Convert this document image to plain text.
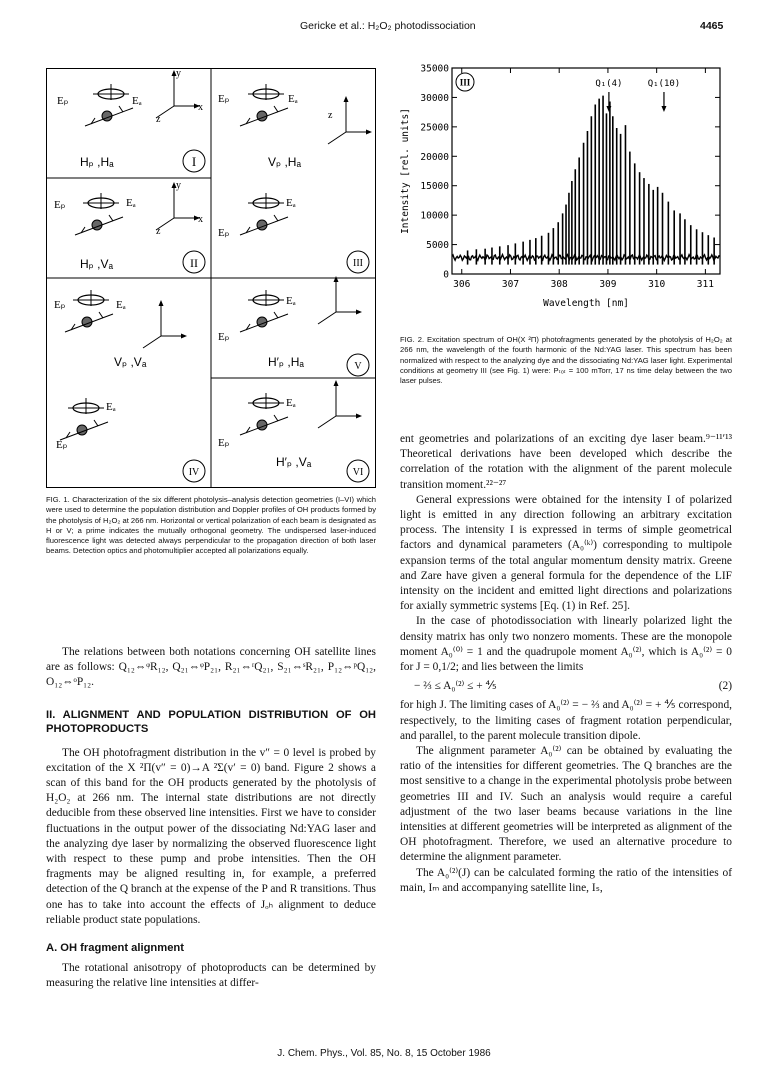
Gericke et al.: H₂O₂ photodissociation	4465
Eₚ	Eₐ
z
x
y
Hₚ ,Hₐ	I
Eₚ	Eₐ
z
x
y
Hₚ ,Vₐ	II
Eₚ	Eₐ
z
Vₚ ,Hₐ
Eₚ
Eₐ
III
Eₚ	Eₐ
Vₚ ,Vₐ
Eₚ
Eₐ
IV
Eₚ
Eₐ
H′ₚ ,Hₐ	V
Eₚ
Eₐ
H′ₚ ,Vₐ
VI
FIG. 1. Characterization of the six different photolysis–analysis detection geometries (I–VI) which were used to determine the population distribution and Doppler profiles of OH products formed by the photolysis of H₂O₂ at 266 nm. Horizontal or vertical polarization of each beam is designated as H or V; a prime indicates the mutually orthogonal geometry. The undispersed laser-induced fluorescence light was detected always perpendicular to the propagation direction of both laser beams. Detection optics and photomultiplier accepted all polarizations equally.
0
5000
10000
15000
20000
25000
30000
35000
306	307	308	309	310	311
Wavelength [nm]
Intensity [rel. units]
III	Q₁(4)	Q₁(10)
FIG. 2. Excitation spectrum of OH(X ²Π) photofragments generated by the photolysis of H₂O₂ at 266 nm, the wavelength of the fourth harmonic of the Nd:YAG laser. This spectrum has been normalized with respect to the analyzing dye and the dissociating Nd:YAG laser light. Experimental conditions at geometry III (see Fig. 1) were: Pₜₒₜ = 100 mTorr, 17 ns time delay between the two laser pulses.

The relations between both notations concerning OH satellite lines are as follows: Q₁₂⇔ᵠR₁₂, Q₂₁⇔ᵠP₂₁, R₂₁⇔ʳQ₂₁, S₂₁⇔ˢR₂₁, P₁₂⇔ᵖQ₁₂, O₁₂⇔ᵒP₁₂.

II. ALIGNMENT AND POPULATION DISTRIBUTION OF OH PHOTOPRODUCTS

The OH photofragment distribution in the v″ = 0 level is probed by excitation of the X ²Π(v″ = 0)→A ²Σ(v′ = 0) band. Figure 2 shows a scan of this band for the OH products generated by the photolysis of H₂O₂ at 266 nm. The internal state distributions are not directly deducible from these observed line intensities. First we have to consider fluctuations in the output power of the dissociating Nd:YAG laser and the analyzing dye laser by normalizing the observed fluorescence light with respect to these pump and probe intensities. Then the OH fragments may be aligned resulting in, for example, a preferred detection of the Q branch at the expense of the P and R transitions. Thus one has to take into account the effects of Jₒₕ alignment to deduce reliable product state populations.

A. OH fragment alignment

The rotational anisotropy of photoproducts can be determined by measuring the relative line intensities at differ-

ent geometries and polarizations of an exciting dye laser beam.⁹⁻¹¹ʹ¹³ Theoretical derivations have been developed which describe the correlation of the rotation with the alignment of the parent molecule transition moment.²²⁻²⁷

General expressions were obtained for the intensity I of polarized light is emitted in any direction following an arbitrary excitation process. The intensity I is expressed in terms of simple geometrical factors and dynamical parameters (A₀⁽ᵏ⁾) corresponding to multipole expansion terms of the total angular momentum density matrix. Greene and Zare have given a general formula for the dependence of the LIF intensity on the incident and emitted light directions and polarizations for axially symmetric systems [Eq. (1) in Ref. 25].

In the case of photodissociation with linearly polarized light the density matrix has only two nonzero moments. These are the monopole moment A₀⁽⁰⁾ = 1 and the quadrupole moment A₀⁽²⁾, which is A₀⁽²⁾ = 0 for J = 0,1/2; and lies between the limits

− ⅔ ≤ A₀⁽²⁾ ≤ + ⅘	(2)

for high J. The limiting cases of A₀⁽²⁾ = − ⅔ and A₀⁽²⁾ = + ⅘ correspond, respectively, to the limiting cases of fragment rotation perpendicular, and parallel, to the parent molecule transition dipole.

The alignment parameter A₀⁽²⁾ can be obtained by evaluating the ratio of the intensities for different geometries. The Q branches are the most sensitive to a change in the experimental photolysis probe between geometries III and IV. Such an analysis would require a careful adjustment of the two laser beams because variations in the line intensities at different geometries will be interpreted as alignment of the OH photofragment. Therefore, we used an alternative procedure to determine the alignment parameter.

The A₀⁽²⁾(J) can be calculated forming the ratio of the intensities of main, Iₘ and accompanying satellite line, Iₛ,

J. Chem. Phys., Vol. 85, No. 8, 15 October 1986
